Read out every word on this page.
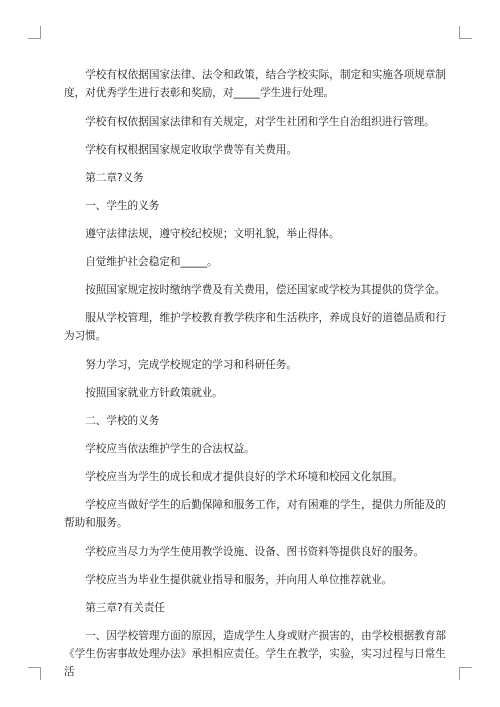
学校有权依据国家法律、法令和政策，结合学校实际，制定和实施各项规章制度，对优秀学生进行表彰和奖励，对_____学生进行处理。

学校有权依据国家法律和有关规定，对学生社团和学生自治组织进行管理。

学校有权根据国家规定收取学费等有关费用。

第二章?义务

一、学生的义务

遵守法律法规，遵守校纪校规；文明礼貌，举止得体。

自觉维护社会稳定和_____。

按照国家规定按时缴纳学费及有关费用，偿还国家或学校为其提供的贷学金。

服从学校管理，维护学校教育教学秩序和生活秩序，养成良好的道德品质和行为习惯。

努力学习，完成学校规定的学习和科研任务。

按照国家就业方针政策就业。

二、学校的义务

学校应当依法维护学生的合法权益。

学校应当为学生的成长和成才提供良好的学术环境和校园文化氛围。

学校应当做好学生的后勤保障和服务工作，对有困难的学生，提供力所能及的帮助和服务。

学校应当尽力为学生使用教学设施、设备、图书资料等提供良好的服务。

学校应当为毕业生提供就业指导和服务，并向用人单位推荐就业。

第三章?有关责任

一、因学校管理方面的原因，造成学生人身或财产损害的，由学校根据教育部《学生伤害事故处理办法》承担相应责任。学生在教学，实验，实习过程与日常生活
